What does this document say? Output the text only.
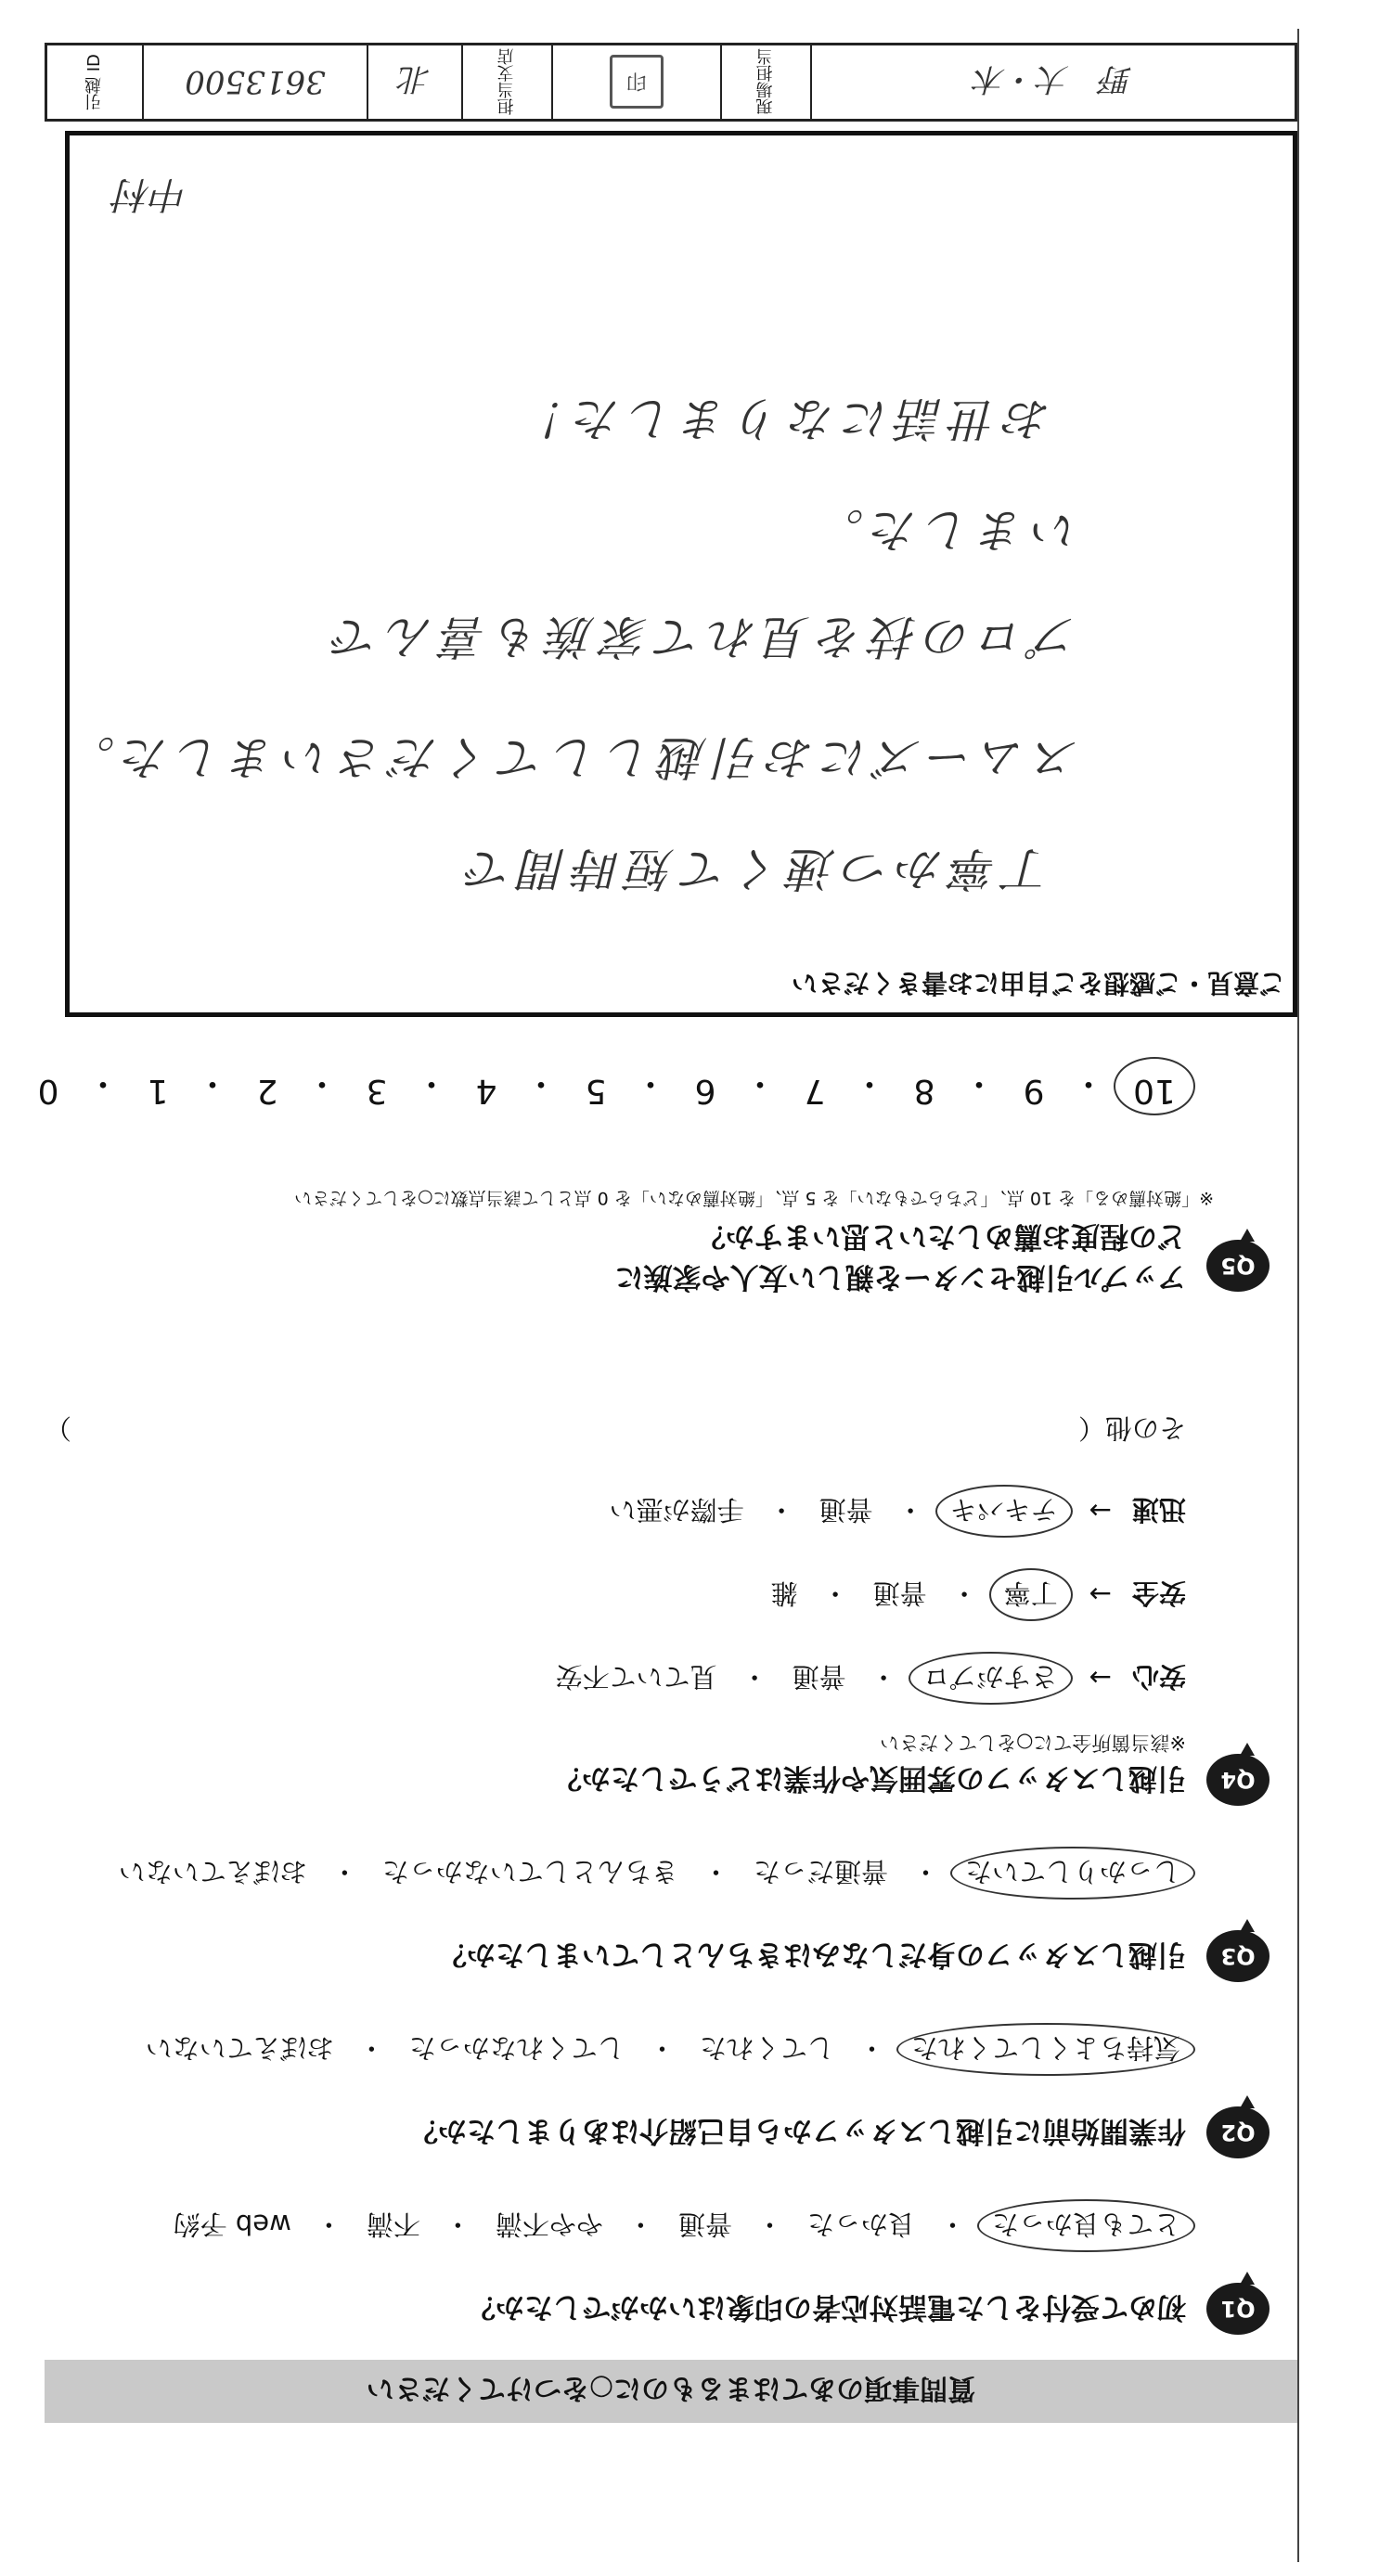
質問事項のあてはまるものに○をつけてください
Q1
初めて受付をした電話対応者の印象はいかがでしたか？
とても良かった
・
良かった
・
普通
・
やや不満
・
不満
・
web 予約
Q2
作業開始前に引越しスタッフから自己紹介はありましたか？
気持ちよくしてくれた
・
してくれた
・
してくれなかった
・
おぼえていない
Q3
引越しスタッフの身だしなみはきちんとしていましたか？
しっかりしていた
・
普通だった
・
きちんとしていなかった
・
おぼえていない
Q4
引越しスタッフの雰囲気や作業はどうでしたか？
※該当箇所全てに○をしてください
安心
→
さすがプロ
・
普通
・
見ていて不安
安全
→
丁寧
・
普通
・
雑
迅速
→
テキパキ
・
普通
・
手際が悪い
その他（
）
Q5
アップル引越センターを親しい友人や家族に
どの程度お薦めしたいと思いますか？
※「絶対薦める」を 10 点、「どちらでもない」を 5 点、「絶対薦めない」を 0 点として該当点数に○をしてください
10
・
9
・
8
・
7
・
6
・
5
・
4
・
3
・
2
・
1
・
0
ご意見・ご感想をご自由にお書きください
丁寧かつ速くて短時間で
スムーズにお引越ししてくださいました。
プロの技を見れて家族も喜んで
いました。
お世話になりました！
中村
野　大・木
現場担当
印
担当支店
北
3613500
引越 ID
